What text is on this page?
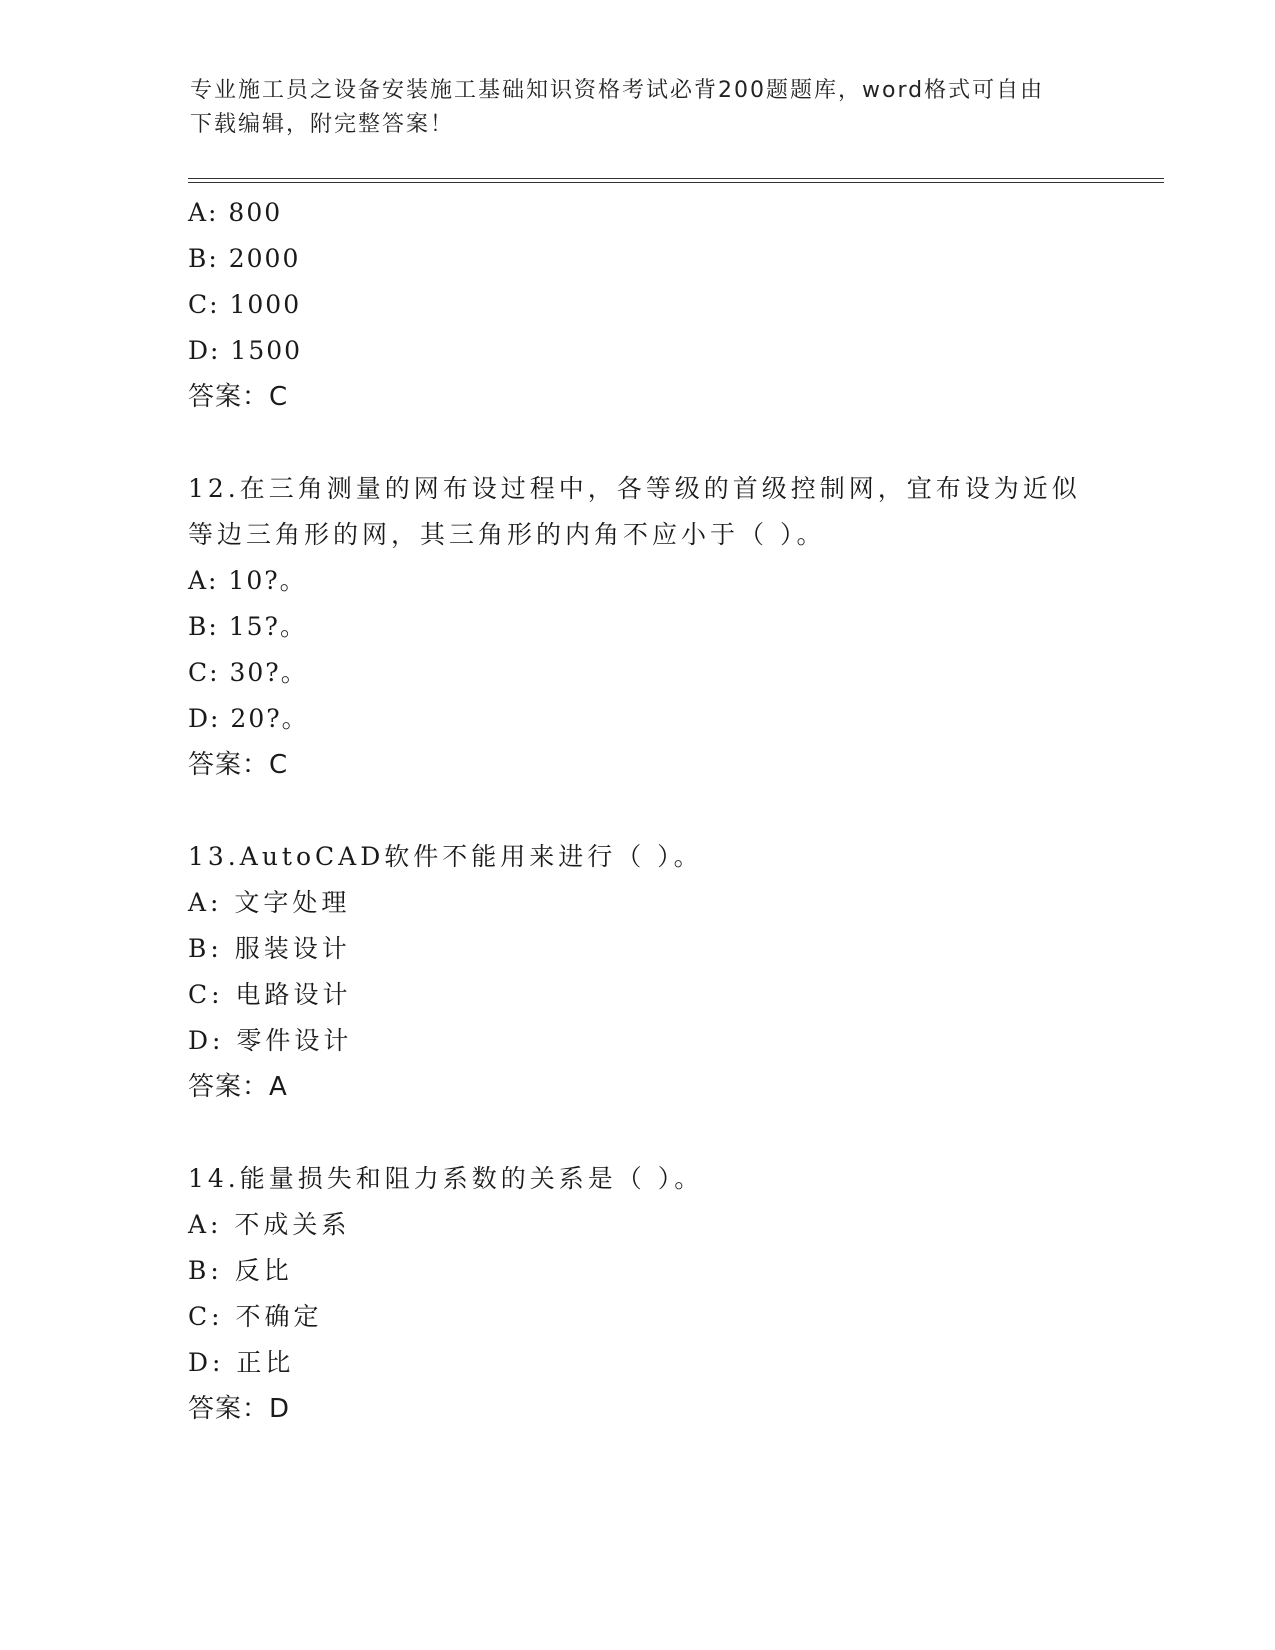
专业施工员之设备安装施工基础知识资格考试必背200题题库，word格式可自由
下载编辑，附完整答案！
A: 800
B: 2000
C: 1000
D: 1500
答案：C
12.在三角测量的网布设过程中，各等级的首级控制网，宜布设为近似
等边三角形的网，其三角形的内角不应小于（ ）。
A: 10?。
B: 15?。
C: 30?。
D: 20?。
答案：C
13.AutoCAD软件不能用来进行（ ）。
A: 文字处理
B: 服装设计
C: 电路设计
D: 零件设计
答案：A
14.能量损失和阻力系数的关系是（ ）。
A: 不成关系
B: 反比
C: 不确定
D: 正比
答案：D
